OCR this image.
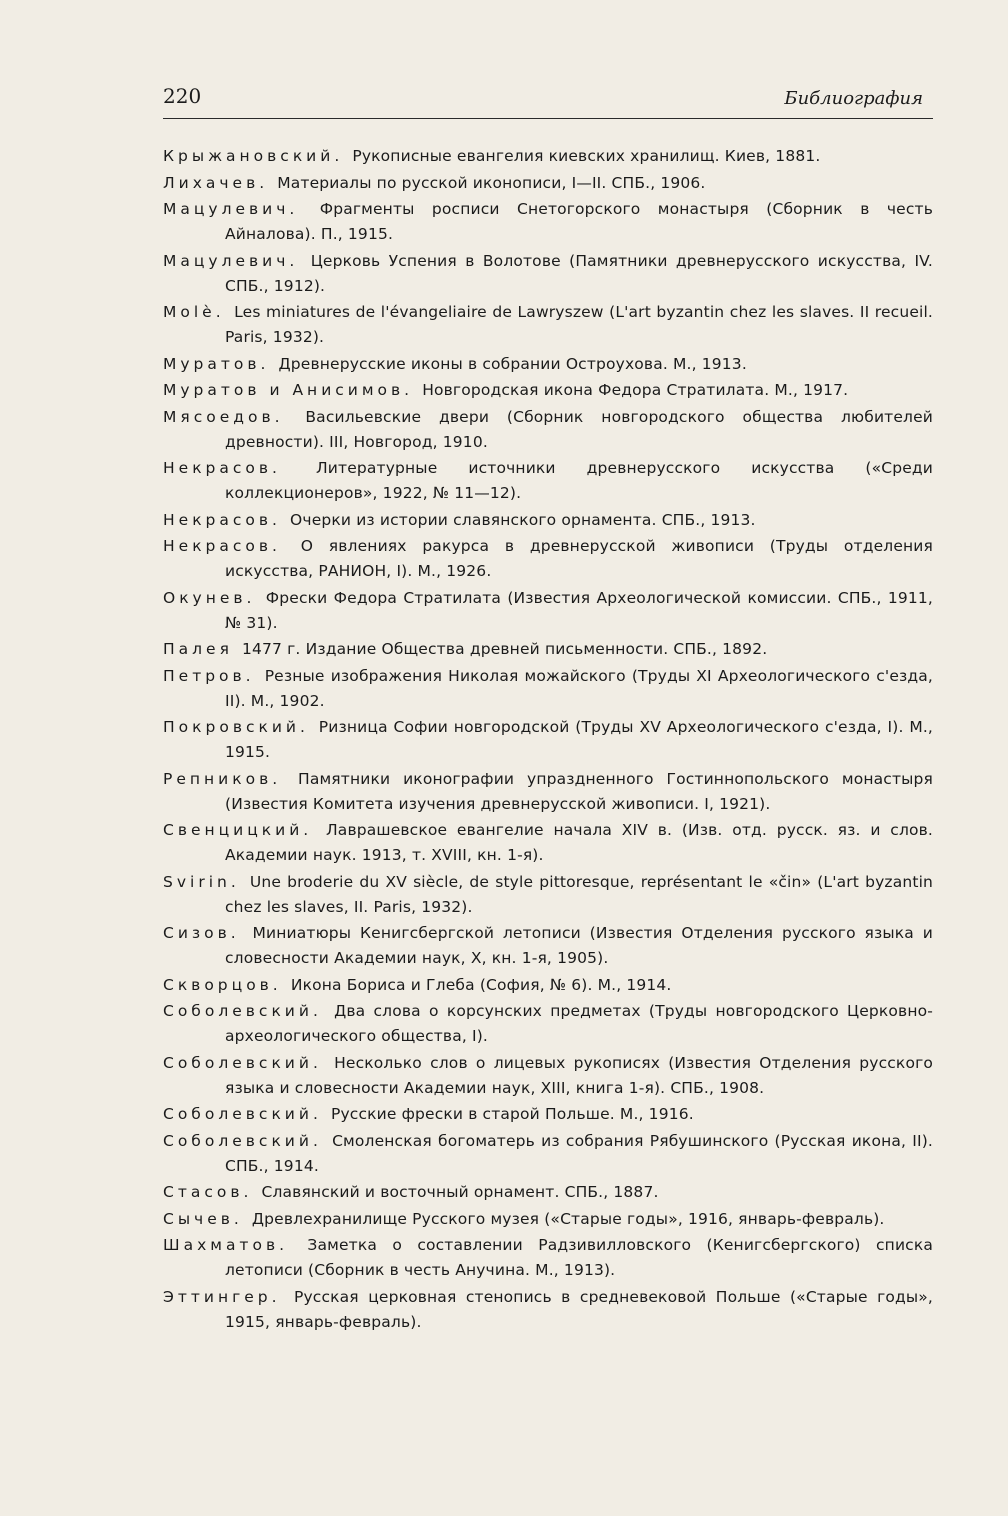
220	Библиография

Крыжановский. Рукописные евангелия киевских хранилищ. Киев, 1881.

Лихачев. Материалы по русской иконописи, I—II. СПБ., 1906.

Мацулевич. Фрагменты росписи Снетогорского монастыря (Сборник в честь Айналова). П., 1915.

Мацулевич. Церковь Успения в Волотове (Памятники древнерусского искусства, IV. СПБ., 1912).

Molè. Les miniatures de l'évangeliaire de Lawryszew (L'art byzantin chez les slaves. II recueil. Paris, 1932).

Муратов. Древнерусские иконы в собрании Остроухова. М., 1913.

Муратов и Анисимов. Новгородская икона Федора Стратилата. М., 1917.

Мясоедов. Васильевские двери (Сборник новгородского общества любителей древности). III, Новгород, 1910.

Некрасов. Литературные источники древнерусского искусства («Среди коллекционеров», 1922, № 11—12).

Некрасов. Очерки из истории славянского орнамента. СПБ., 1913.

Некрасов. О явлениях ракурса в древнерусской живописи (Труды отделения искусства, РАНИОН, I). М., 1926.

Окунев. Фрески Федора Стратилата (Известия Археологической комиссии. СПБ., 1911, № 31).

Палея 1477 г. Издание Общества древней письменности. СПБ., 1892.

Петров. Резные изображения Николая можайского (Труды XI Археологического с'езда, II). М., 1902.

Покровский. Ризница Софии новгородской (Труды XV Археологического с'езда, I). М., 1915.

Репников. Памятники иконографии упраздненного Гостиннопольского монастыря (Известия Комитета изучения древнерусской живописи. I, 1921).

Свенцицкий. Лаврашевское евангелие начала XIV в. (Изв. отд. русск. яз. и слов. Академии наук. 1913, т. XVIII, кн. 1-я).

Svirin. Une broderie du XV siècle, de style pittoresque, représentant le «čin» (L'art byzantin chez les slaves, II. Paris, 1932).

Сизов. Миниатюры Кенигсбергской летописи (Известия Отделения русского языка и словесности Академии наук, X, кн. 1-я, 1905).

Скворцов. Икона Бориса и Глеба (София, № 6). М., 1914.

Соболевский. Два слова о корсунских предметах (Труды новгородского Церковно-археологического общества, I).

Соболевский. Несколько слов о лицевых рукописях (Известия Отделения русского языка и словесности Академии наук, XIII, книга 1-я). СПБ., 1908.

Соболевский. Русские фрески в старой Польше. М., 1916.

Соболевский. Смоленская богоматерь из собрания Рябушинского (Русская икона, II). СПБ., 1914.

Стасов. Славянский и восточный орнамент. СПБ., 1887.

Сычев. Древлехранилище Русского музея («Старые годы», 1916, январь-февраль).

Шахматов. Заметка о составлении Радзивилловского (Кенигсбергского) списка летописи (Сборник в честь Анучина. М., 1913).

Эттингер. Русская церковная стенопись в средневековой Польше («Старые годы», 1915, январь-февраль).
